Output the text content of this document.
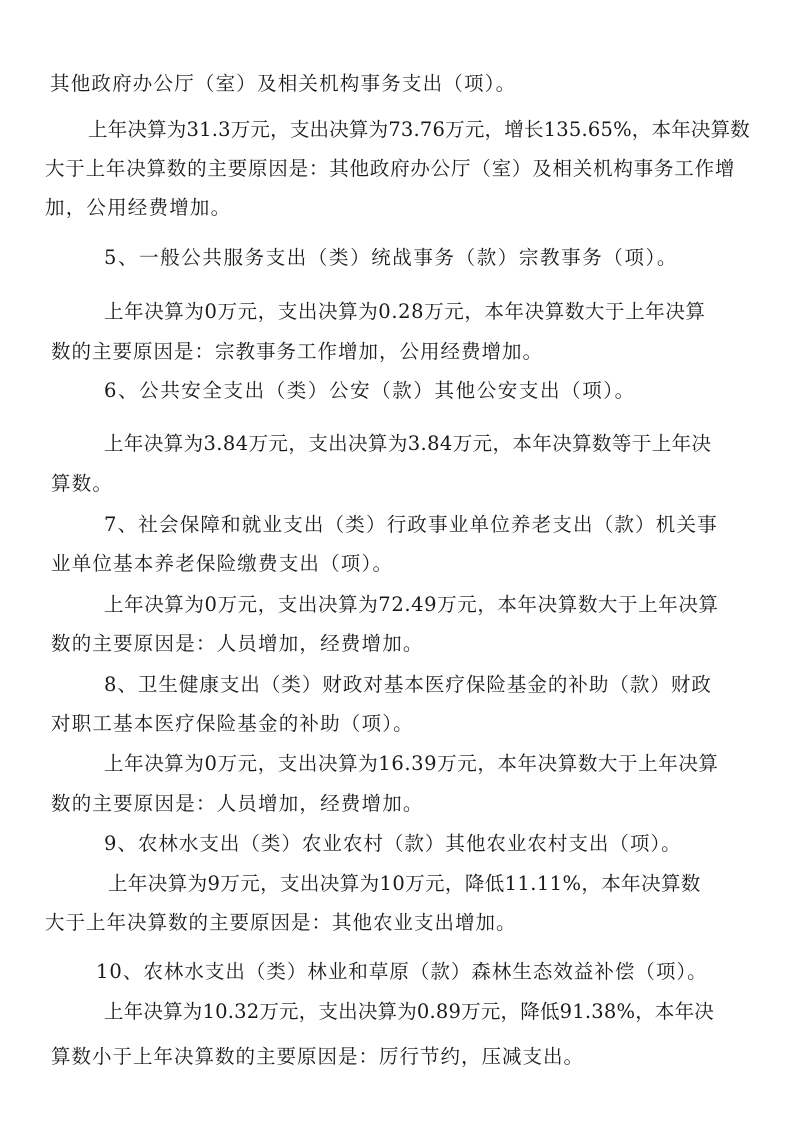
其他政府办公厅（室）及相关机构事务支出（项）。
上年决算为31.3万元，支出决算为73.76万元，增长135.65%，本年决算数
大于上年决算数的主要原因是：其他政府办公厅（室）及相关机构事务工作增
加，公用经费增加。
5、一般公共服务支出（类）统战事务（款）宗教事务（项）。
上年决算为0万元，支出决算为0.28万元，本年决算数大于上年决算
数的主要原因是：宗教事务工作增加，公用经费增加。
6、公共安全支出（类）公安（款）其他公安支出（项）。
上年决算为3.84万元，支出决算为3.84万元，本年决算数等于上年决
算数。
7、社会保障和就业支出（类）行政事业单位养老支出（款）机关事
业单位基本养老保险缴费支出（项）。
上年决算为0万元，支出决算为72.49万元，本年决算数大于上年决算
数的主要原因是：人员增加，经费增加。
8、卫生健康支出（类）财政对基本医疗保险基金的补助（款）财政
对职工基本医疗保险基金的补助（项）。
上年决算为0万元，支出决算为16.39万元，本年决算数大于上年决算
数的主要原因是：人员增加，经费增加。
9、农林水支出（类）农业农村（款）其他农业农村支出（项）。
上年决算为9万元，支出决算为10万元，降低11.11%，本年决算数
大于上年决算数的主要原因是：其他农业支出增加。
10、农林水支出（类）林业和草原（款）森林生态效益补偿（项）。
上年决算为10.32万元，支出决算为0.89万元，降低91.38%，本年决
算数小于上年决算数的主要原因是：厉行节约，压减支出。
